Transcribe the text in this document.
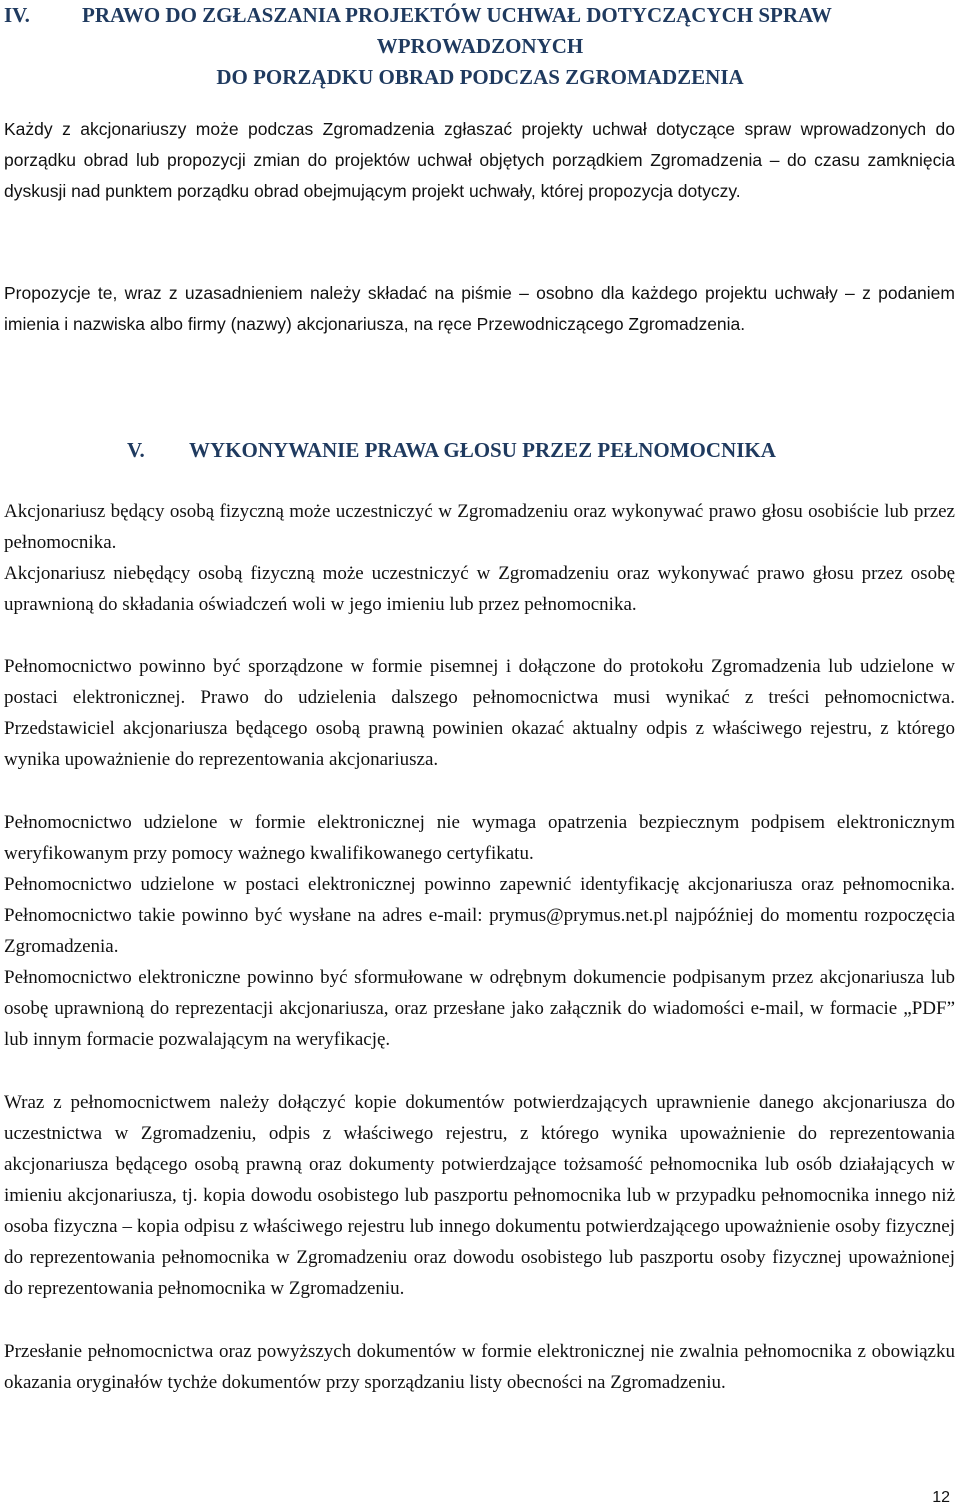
IV. PRAWO DO ZGŁASZANIA PROJEKTÓW UCHWAŁ DOTYCZĄCYCH SPRAW
WPROWADZONYCH
DO PORZĄDKU OBRAD PODCZAS ZGROMADZENIA

Każdy z akcjonariuszy może podczas Zgromadzenia zgłaszać projekty uchwał dotyczące spraw wprowadzonych do porządku obrad lub propozycji zmian do projektów uchwał objętych porządkiem Zgromadzenia – do czasu zamknięcia dyskusji nad punktem porządku obrad obejmującym projekt uchwały, której propozycja dotyczy.

Propozycje te, wraz z uzasadnieniem należy składać na piśmie – osobno dla każdego projektu uchwały – z podaniem imienia i nazwiska albo firmy (nazwy) akcjonariusza, na ręce Przewodniczącego Zgromadzenia.

V. WYKONYWANIE PRAWA GŁOSU PRZEZ PEŁNOMOCNIKA

Akcjonariusz będący osobą fizyczną może uczestniczyć w Zgromadzeniu oraz wykonywać prawo głosu osobiście lub przez pełnomocnika.

Akcjonariusz niebędący osobą fizyczną może uczestniczyć w Zgromadzeniu oraz wykonywać prawo głosu przez osobę uprawnioną do składania oświadczeń woli w jego imieniu lub przez pełnomocnika.

Pełnomocnictwo powinno być sporządzone w formie pisemnej i dołączone do protokołu Zgromadzenia lub udzielone w postaci elektronicznej. Prawo do udzielenia dalszego pełnomocnictwa musi wynikać z treści pełnomocnictwa. Przedstawiciel akcjonariusza będącego osobą prawną powinien okazać aktualny odpis z właściwego rejestru, z którego wynika upoważnienie do reprezentowania akcjonariusza.

Pełnomocnictwo udzielone w formie elektronicznej nie wymaga opatrzenia bezpiecznym podpisem elektronicznym weryfikowanym przy pomocy ważnego kwalifikowanego certyfikatu.

Pełnomocnictwo udzielone w postaci elektronicznej powinno zapewnić identyfikację akcjonariusza oraz pełnomocnika. Pełnomocnictwo takie powinno być wysłane na adres e-mail: prymus@prymus.net.pl najpóźniej do momentu rozpoczęcia Zgromadzenia.

Pełnomocnictwo elektroniczne powinno być sformułowane w odrębnym dokumencie podpisanym przez akcjonariusza lub osobę uprawnioną do reprezentacji akcjonariusza, oraz przesłane jako załącznik do wiadomości e-mail, w formacie „PDF” lub innym formacie pozwalającym na weryfikację.

Wraz z pełnomocnictwem należy dołączyć kopie dokumentów potwierdzających uprawnienie danego akcjonariusza do uczestnictwa w Zgromadzeniu, odpis z właściwego rejestru, z którego wynika upoważnienie do reprezentowania akcjonariusza będącego osobą prawną oraz dokumenty potwierdzające tożsamość pełnomocnika lub osób działających w imieniu akcjonariusza, tj. kopia dowodu osobistego lub paszportu pełnomocnika lub w przypadku pełnomocnika innego niż osoba fizyczna – kopia odpisu z właściwego rejestru lub innego dokumentu potwierdzającego upoważnienie osoby fizycznej do reprezentowania pełnomocnika w Zgromadzeniu oraz dowodu osobistego lub paszportu osoby fizycznej upoważnionej do reprezentowania pełnomocnika w Zgromadzeniu.

Przesłanie pełnomocnictwa oraz powyższych dokumentów w formie elektronicznej nie zwalnia pełnomocnika z obowiązku okazania oryginałów tychże dokumentów przy sporządzaniu listy obecności na Zgromadzeniu.

12
